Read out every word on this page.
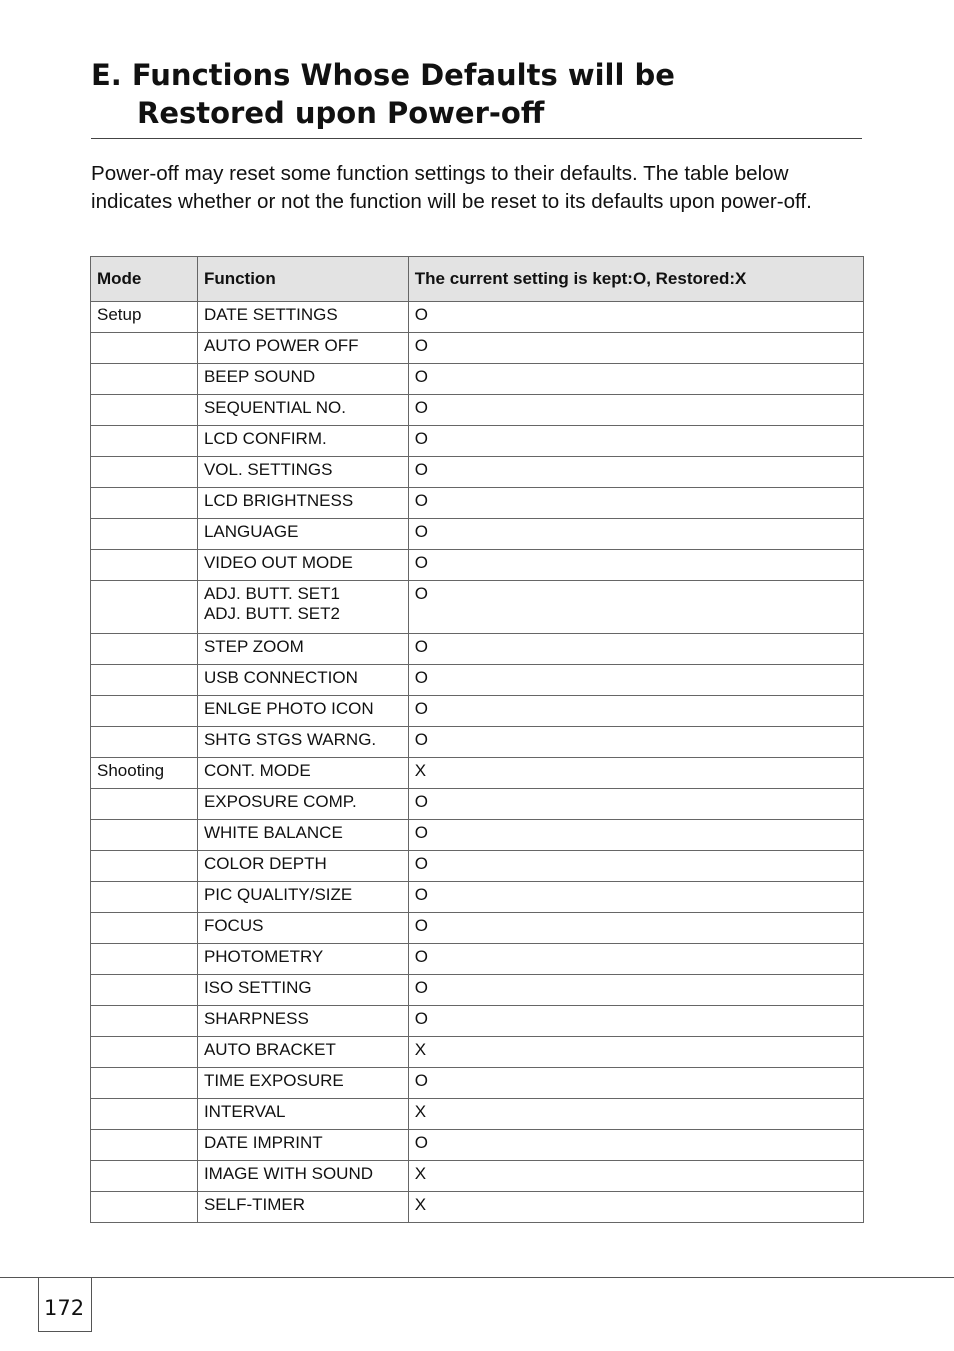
E. Functions Whose Defaults will be
Restored upon Power-off

Power-off may reset some function settings to their defaults. The table below indicates whether or not the function will be reset to its defaults upon power-off.

Mode	Function	The current setting is kept:O, Restored:X
Setup	DATE SETTINGS	O
	AUTO POWER OFF	O
	BEEP SOUND	O
	SEQUENTIAL NO.	O
	LCD CONFIRM.	O
	VOL. SETTINGS	O
	LCD BRIGHTNESS	O
	LANGUAGE	O
	VIDEO OUT MODE	O
	ADJ. BUTT. SET1
ADJ. BUTT. SET2	O
	STEP ZOOM	O
	USB CONNECTION	O
	ENLGE PHOTO ICON	O
	SHTG STGS WARNG.	O
Shooting	CONT. MODE	X
	EXPOSURE COMP.	O
	WHITE BALANCE	O
	COLOR DEPTH	O
	PIC QUALITY/SIZE	O
	FOCUS	O
	PHOTOMETRY	O
	ISO SETTING	O
	SHARPNESS	O
	AUTO BRACKET	X
	TIME EXPOSURE	O
	INTERVAL	X
	DATE IMPRINT	O
	IMAGE WITH SOUND	X
	SELF-TIMER	X
172
